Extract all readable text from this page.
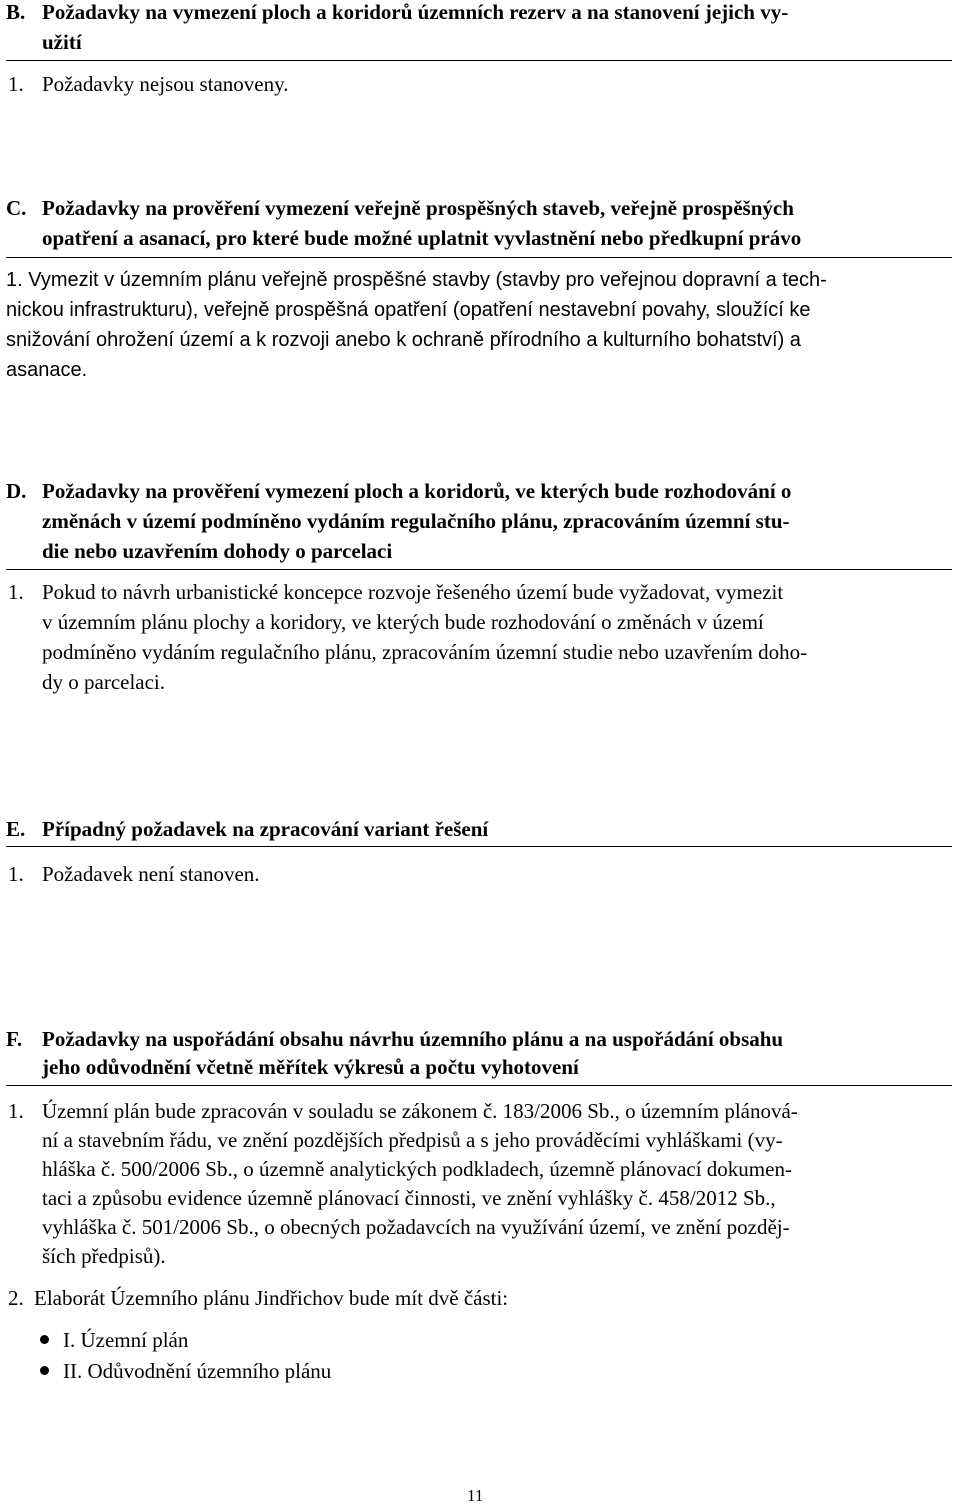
B. Požadavky na vymezení ploch a koridorů územních rezerv a na stanovení jejich vy-
užití
1. Požadavky nejsou stanoveny.
C. Požadavky na prověření vymezení veřejně prospěšných staveb, veřejně prospěšných
opatření a asanací, pro které bude možné uplatnit vyvlastnění nebo předkupní právo
1. Vymezit v územním plánu veřejně prospěšné stavby (stavby pro veřejnou dopravní a tech-
nickou infrastrukturu), veřejně prospěšná opatření (opatření nestavební povahy, sloužící ke
snižování ohrožení území a k rozvoji anebo k ochraně přírodního a kulturního bohatství) a
asanace.
D. Požadavky na prověření vymezení ploch a koridorů, ve kterých bude rozhodování o
změnách v území podmíněno vydáním regulačního plánu, zpracováním územní stu-
die nebo uzavřením dohody o parcelaci
1. Pokud to návrh urbanistické koncepce rozvoje řešeného území bude vyžadovat, vymezit
v územním plánu plochy a koridory, ve kterých bude rozhodování o změnách v území
podmíněno vydáním regulačního plánu, zpracováním územní studie nebo uzavřením doho-
dy o parcelaci.
E. Případný požadavek na zpracování variant řešení
1. Požadavek není stanoven.
F. Požadavky na uspořádání obsahu návrhu územního plánu a na uspořádání obsahu
jeho odůvodnění včetně měřítek výkresů a počtu vyhotovení
1. Územní plán bude zpracován v souladu se zákonem č. 183/2006 Sb., o územním plánová-
ní a stavebním řádu, ve znění pozdějších předpisů a s jeho prováděcími vyhláškami (vy-
hláška č. 500/2006 Sb., o územně analytických podkladech, územně plánovací dokumen-
taci a způsobu evidence územně plánovací činnosti, ve znění vyhlášky č. 458/2012 Sb.,
vyhláška č. 501/2006 Sb., o obecných požadavcích na využívání území, ve znění pozděj-
ších předpisů).
2. Elaborát Územního plánu Jindřichov bude mít dvě části:
I. Územní plán
II. Odůvodnění územního plánu
11
